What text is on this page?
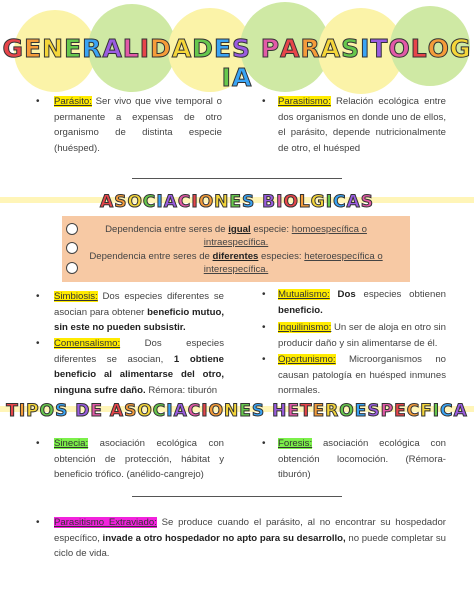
GENERALIDADES PARASITOLOGIA
• Parásito: Ser vivo que vive temporal o permanente a expensas de otro organismo de distinta especie (huésped).
• Parasitismo: Relación ecológica entre dos organismos en donde uno de ellos, el parásito, depende nutricionalmente de otro, el huésped
ASOCIACIONES BIOLGICAS
Dependencia entre seres de igual especie: homoespecífica o
intraespecífica.
Dependencia entre seres de diferentes especies: heteroespecífica o
interespecífica.
• Simbiosis: Dos especies diferentes se asocian para obtener beneficio mutuo, sin este no pueden subsistir.
• Comensalismo: Dos especies diferentes se asocian, 1 obtiene beneficio al alimentarse del otro, ninguna sufre daño. Rémora: tiburón
• Mutualismo: Dos especies obtienen beneficio.
• Inquilinismo: Un ser de aloja en otro sin producir daño y sin alimentarse de él.
• Oportunismo: Microorganismos no causan patología en huésped inmunes normales.
TIPOS DE ASOCIACIONES HETEROESPECFICA
• Sinecia: asociación ecológica con obtención de protección, hábitat y beneficio trófico. (anélido-cangrejo)
• Foresis: asociación ecológica con obtención locomoción. (Rémora-tiburón)
• Parasitismo Extraviado: Se produce cuando el parásito, al no encontrar su hospedador específico, invade a otro hospedador no apto para su desarrollo, no puede completar su ciclo de vida.
